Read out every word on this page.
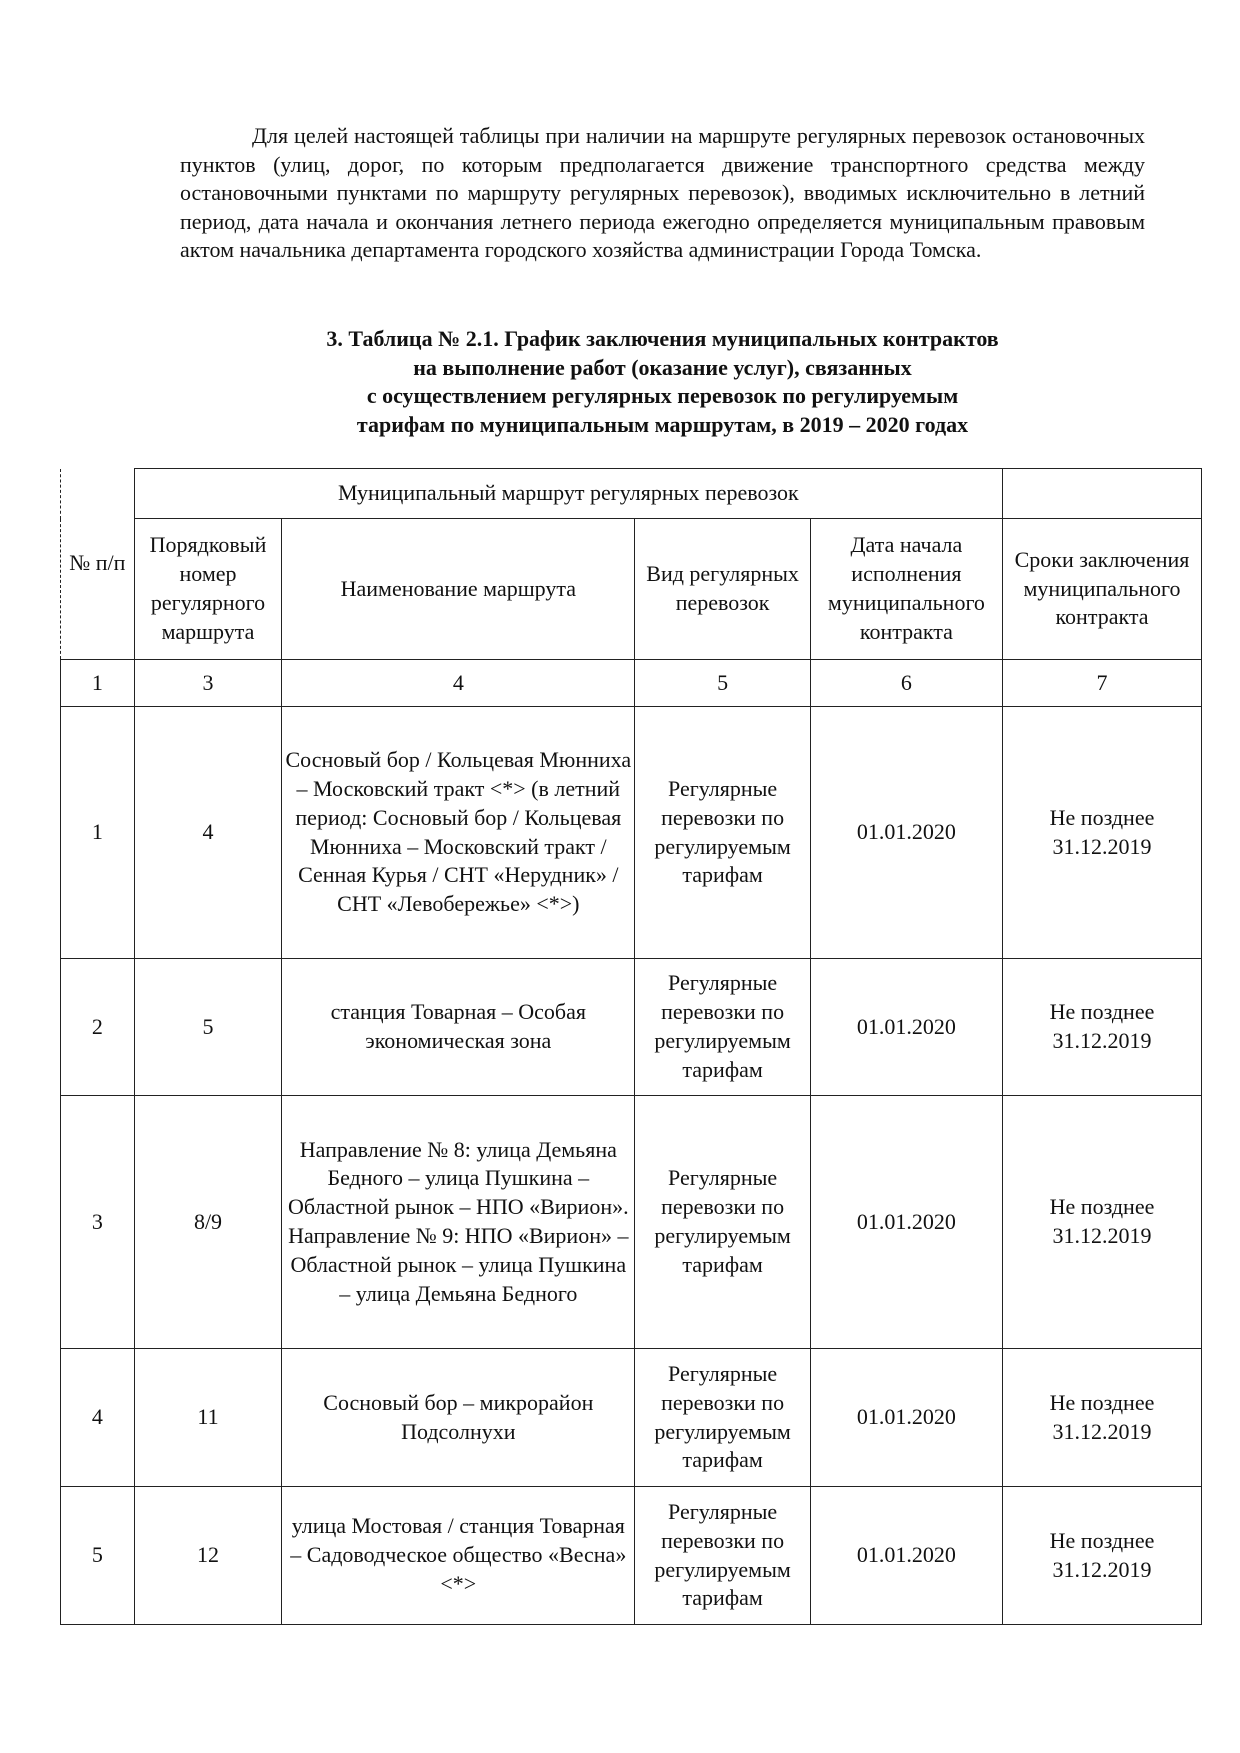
Для целей настоящей таблицы при наличии на маршруте регулярных перевозок остановочных пунктов (улиц, дорог, по которым предполагается движение транспортного средства между остановочными пунктами по маршруту регулярных перевозок), вводимых исключительно в летний период, дата начала и окончания летнего периода ежегодно определяется муниципальным правовым актом начальника департамента городского хозяйства администрации Города Томска.

3. Таблица № 2.1. График заключения муниципальных контрактов
на выполнение работ (оказание услуг), связанных
с осуществлением регулярных перевозок по регулируемым
тарифам по муниципальным маршрутам, в 2019 – 2020 годах
№ п/п	Муниципальный маршрут регулярных перевозок				
	Порядковый номер регулярного маршрута	Наименование маршрута	Вид регулярных перевозок	Дата начала исполнения муниципального контракта	Сроки заключения муниципального контракта
1	3	4	5	6	7
1	4	Сосновый бор / Кольцевая Мюнниха – Московский тракт <*> (в летний период: Сосновый бор / Кольцевая Мюнниха – Московский тракт / Сенная Курья / СНТ «Нерудник» / СНТ «Левобережье» <*>)	Регулярные перевозки по регулируемым тарифам	01.01.2020	Не позднее 31.12.2019
2	5	станция Товарная – Особая экономическая зона	Регулярные перевозки по регулируемым тарифам	01.01.2020	Не позднее 31.12.2019
3	8/9	Направление № 8: улица Демьяна Бедного – улица Пушкина – Областной рынок – НПО «Вирион». Направление № 9: НПО «Вирион» – Областной рынок – улица Пушкина – улица Демьяна Бедного	Регулярные перевозки по регулируемым тарифам	01.01.2020	Не позднее 31.12.2019
4	11	Сосновый бор – микрорайон Подсолнухи	Регулярные перевозки по регулируемым тарифам	01.01.2020	Не позднее 31.12.2019
5	12	улица Мостовая / станция Товарная – Садоводческое общество «Весна» <*>	Регулярные перевозки по регулируемым тарифам	01.01.2020	Не позднее 31.12.2019
